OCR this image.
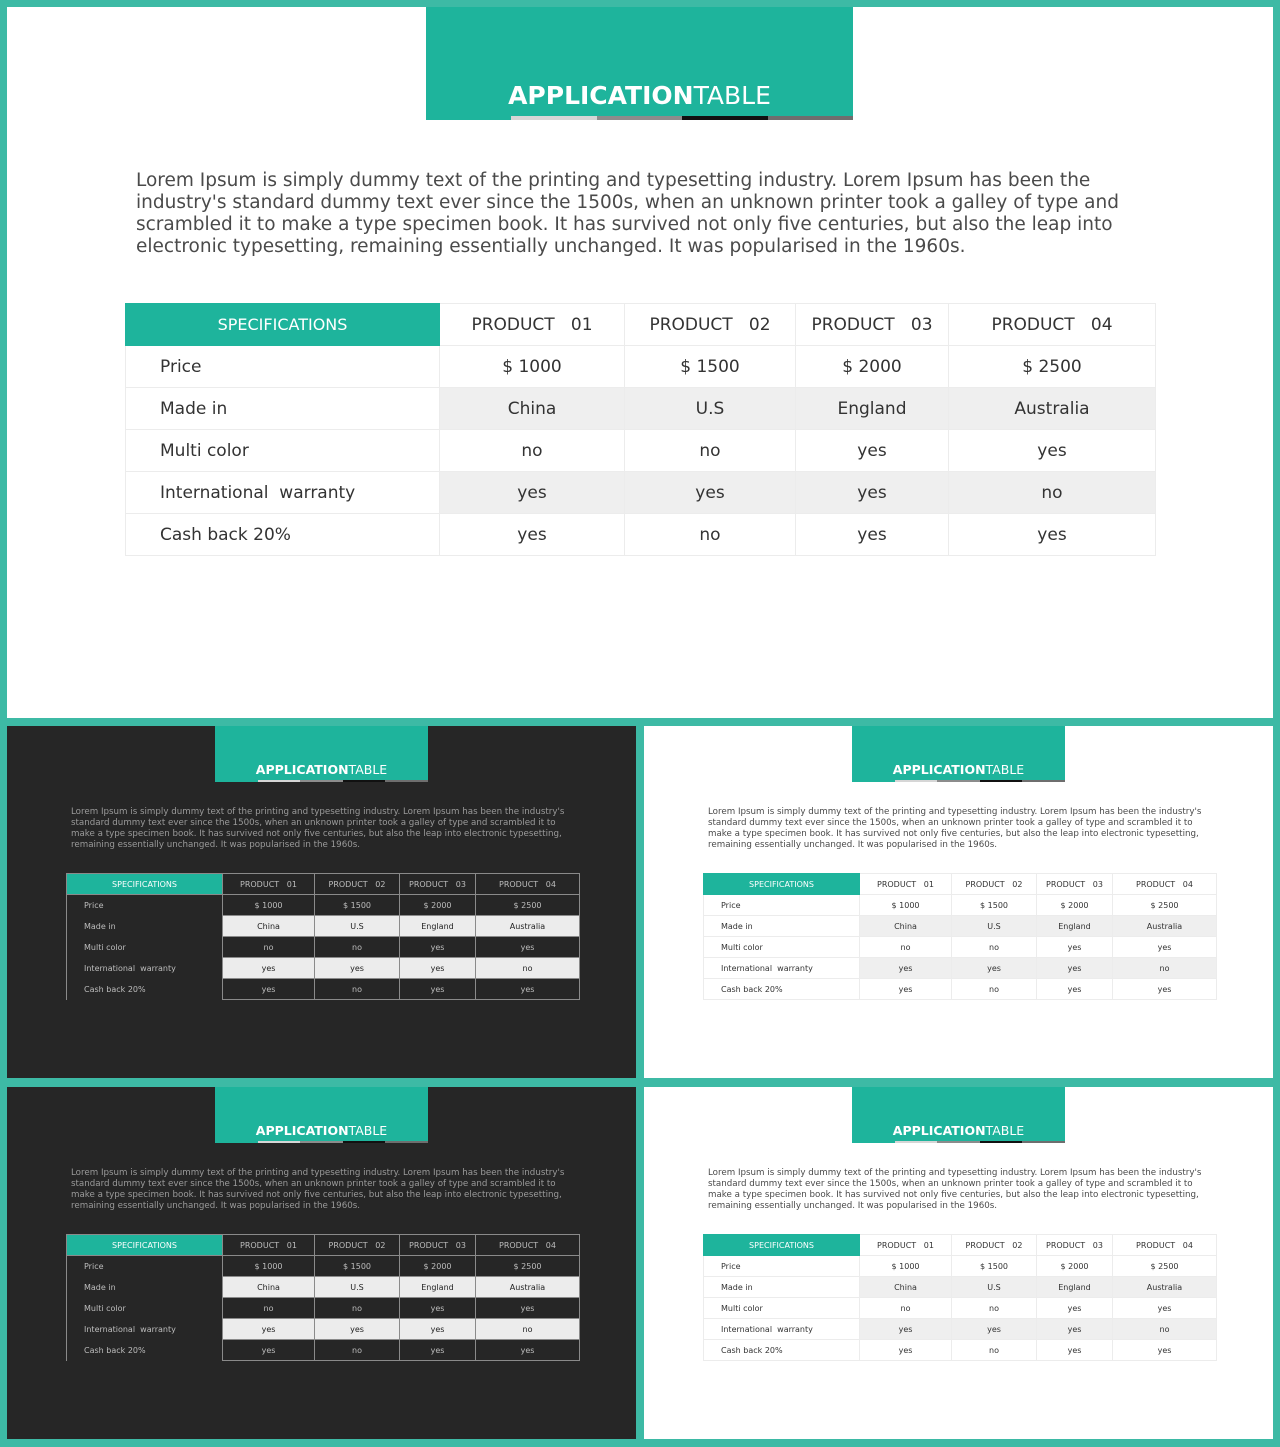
APPLICATIONTABLE
Lorem Ipsum is simply dummy text of the printing and typesetting industry. Lorem Ipsum has been the industry's standard dummy text ever since the 1500s, when an unknown printer took a galley of type and scrambled it to make a type specimen book. It has survived not only five centuries, but also the leap into electronic typesetting, remaining essentially unchanged. It was popularised in the 1960s.
SPECIFICATIONS	PRODUCT   01	PRODUCT   02	PRODUCT   03	PRODUCT   04
Price	$ 1000	$ 1500	$ 2000	$ 2500
Made in	China	U.S	England	Australia
Multi color	no	no	yes	yes
International  warranty	yes	yes	yes	no
Cash back 20%	yes	no	yes	yes
APPLICATIONTABLE
Lorem Ipsum is simply dummy text of the printing and typesetting industry. Lorem Ipsum has been the industry's standard dummy text ever since the 1500s, when an unknown printer took a galley of type and scrambled it to make a type specimen book. It has survived not only five centuries, but also the leap into electronic typesetting, remaining essentially unchanged. It was popularised in the 1960s.
SPECIFICATIONS	PRODUCT   01	PRODUCT   02	PRODUCT   03	PRODUCT   04
Price	$ 1000	$ 1500	$ 2000	$ 2500
Made in	China	U.S	England	Australia
Multi color	no	no	yes	yes
International  warranty	yes	yes	yes	no
Cash back 20%	yes	no	yes	yes
APPLICATIONTABLE
Lorem Ipsum is simply dummy text of the printing and typesetting industry. Lorem Ipsum has been the industry's standard dummy text ever since the 1500s, when an unknown printer took a galley of type and scrambled it to make a type specimen book. It has survived not only five centuries, but also the leap into electronic typesetting, remaining essentially unchanged. It was popularised in the 1960s.
SPECIFICATIONS	PRODUCT   01	PRODUCT   02	PRODUCT   03	PRODUCT   04
Price	$ 1000	$ 1500	$ 2000	$ 2500
Made in	China	U.S	England	Australia
Multi color	no	no	yes	yes
International  warranty	yes	yes	yes	no
Cash back 20%	yes	no	yes	yes
APPLICATIONTABLE
Lorem Ipsum is simply dummy text of the printing and typesetting industry. Lorem Ipsum has been the industry's standard dummy text ever since the 1500s, when an unknown printer took a galley of type and scrambled it to make a type specimen book. It has survived not only five centuries, but also the leap into electronic typesetting, remaining essentially unchanged. It was popularised in the 1960s.
SPECIFICATIONS	PRODUCT   01	PRODUCT   02	PRODUCT   03	PRODUCT   04
Price	$ 1000	$ 1500	$ 2000	$ 2500
Made in	China	U.S	England	Australia
Multi color	no	no	yes	yes
International  warranty	yes	yes	yes	no
Cash back 20%	yes	no	yes	yes
APPLICATIONTABLE
Lorem Ipsum is simply dummy text of the printing and typesetting industry. Lorem Ipsum has been the industry's standard dummy text ever since the 1500s, when an unknown printer took a galley of type and scrambled it to make a type specimen book. It has survived not only five centuries, but also the leap into electronic typesetting, remaining essentially unchanged. It was popularised in the 1960s.
SPECIFICATIONS	PRODUCT   01	PRODUCT   02	PRODUCT   03	PRODUCT   04
Price	$ 1000	$ 1500	$ 2000	$ 2500
Made in	China	U.S	England	Australia
Multi color	no	no	yes	yes
International  warranty	yes	yes	yes	no
Cash back 20%	yes	no	yes	yes
